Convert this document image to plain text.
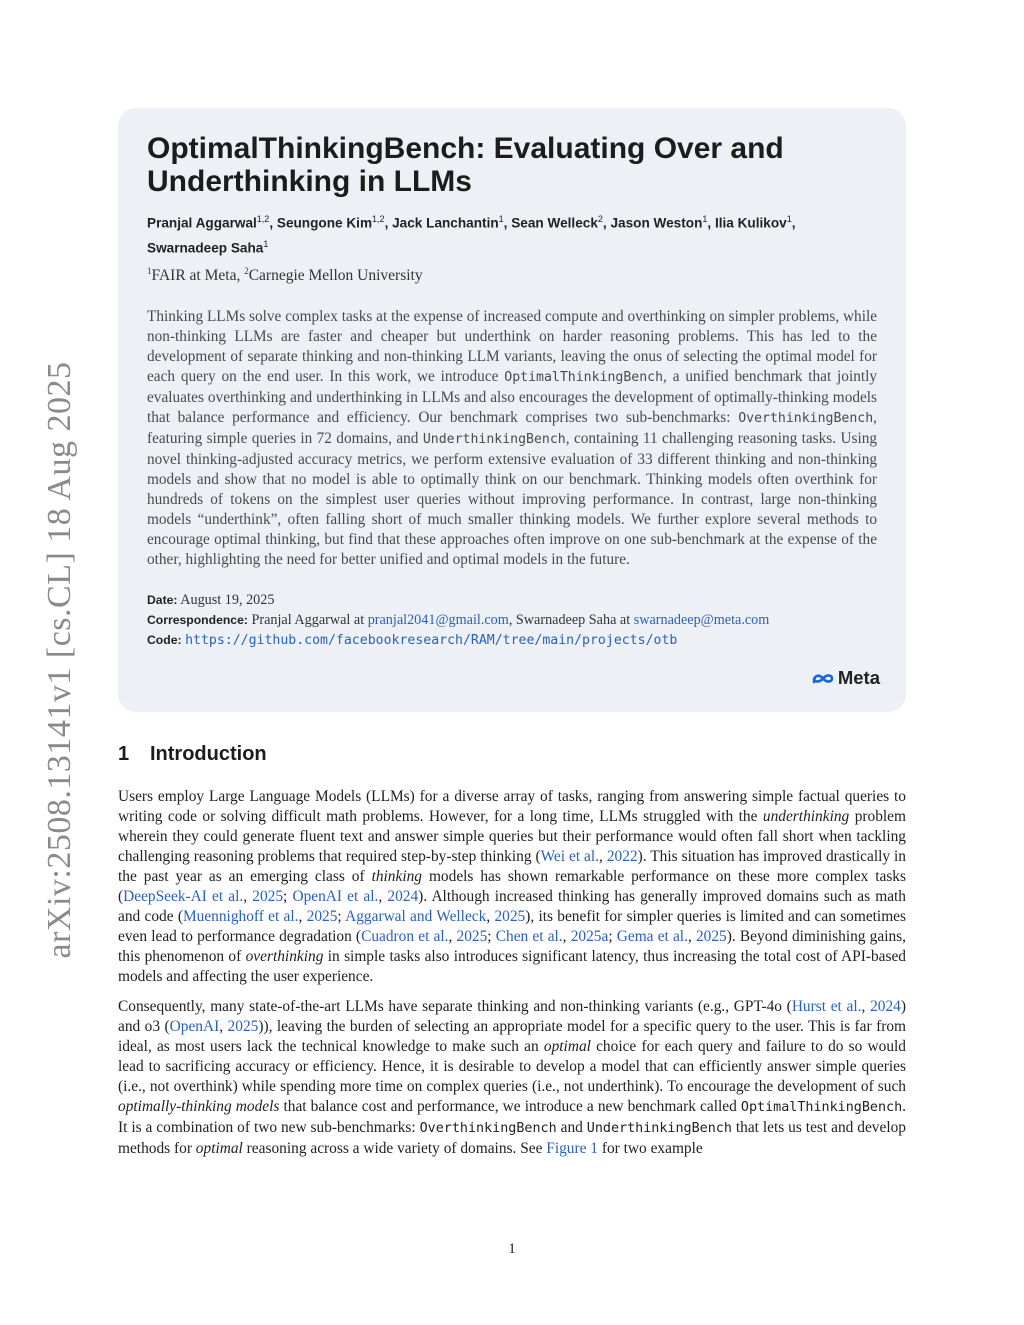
arXiv:2508.13141v1 [cs.CL] 18 Aug 2025
OptimalThinkingBench: Evaluating Over and Underthinking in LLMs
Pranjal Aggarwal$^{1,2}$, Seungone Kim$^{1,2}$, Jack Lanchantin$^1$, Sean Welleck$^2$, Jason Weston$^1$, Ilia Kulikov$^1$,
Swarnadeep Saha$^1$
$^1$FAIR at Meta, $^2$Carnegie Mellon University
Thinking LLMs solve complex tasks at the expense of increased compute and overthinking on simpler problems, while non-thinking LLMs are faster and cheaper but underthink on harder reasoning problems. This has led to the development of separate thinking and non-thinking LLM variants, leaving the onus of selecting the optimal model for each query on the end user. In this work, we introduce OptimalThinkingBench, a unified benchmark that jointly evaluates overthinking and underthinking in LLMs and also encourages the development of optimally-thinking models that balance performance and efficiency. Our benchmark comprises two sub-benchmarks: OverthinkingBench, featuring simple queries in 72 domains, and UnderthinkingBench, containing 11 challenging reasoning tasks. Using novel thinking-adjusted accuracy metrics, we perform extensive evaluation of 33 different thinking and non-thinking models and show that no model is able to optimally think on our benchmark. Thinking models often overthink for hundreds of tokens on the simplest user queries without improving performance. In contrast, large non-thinking models “underthink”, often falling short of much smaller thinking models. We further explore several methods to encourage optimal thinking, but find that these approaches often improve on one sub-benchmark at the expense of the other, highlighting the need for better unified and optimal models in the future.
Date: August 19, 2025
Correspondence: Pranjal Aggarwal at pranjal2041@gmail.com, Swarnadeep Saha at swarnadeep@meta.com
Code: https://github.com/facebookresearch/RAM/tree/main/projects/otb
Meta
1 Introduction

Users employ Large Language Models (LLMs) for a diverse array of tasks, ranging from answering simple factual queries to writing code or solving difficult math problems. However, for a long time, LLMs struggled with the underthinking problem wherein they could generate fluent text and answer simple queries but their performance would often fall short when tackling challenging reasoning problems that required step-by-step thinking (Wei et al., 2022). This situation has improved drastically in the past year as an emerging class of thinking models has shown remarkable performance on these more complex tasks (DeepSeek-AI et al., 2025; OpenAI et al., 2024). Although increased thinking has generally improved domains such as math and code (Muennighoff et al., 2025; Aggarwal and Welleck, 2025), its benefit for simpler queries is limited and can sometimes even lead to performance degradation (Cuadron et al., 2025; Chen et al., 2025a; Gema et al., 2025). Beyond diminishing gains, this phenomenon of overthinking in simple tasks also introduces significant latency, thus increasing the total cost of API-based models and affecting the user experience.

Consequently, many state-of-the-art LLMs have separate thinking and non-thinking variants (e.g., GPT-4o (Hurst et al., 2024) and o3 (OpenAI, 2025)), leaving the burden of selecting an appropriate model for a specific query to the user. This is far from ideal, as most users lack the technical knowledge to make such an optimal choice for each query and failure to do so would lead to sacrificing accuracy or efficiency. Hence, it is desirable to develop a model that can efficiently answer simple queries (i.e., not overthink) while spending more time on complex queries (i.e., not underthink). To encourage the development of such optimally-thinking models that balance cost and performance, we introduce a new benchmark called OptimalThinkingBench. It is a combination of two new sub-benchmarks: OverthinkingBench and UnderthinkingBench that lets us test and develop methods for optimal reasoning across a wide variety of domains. See Figure 1 for two example

1
